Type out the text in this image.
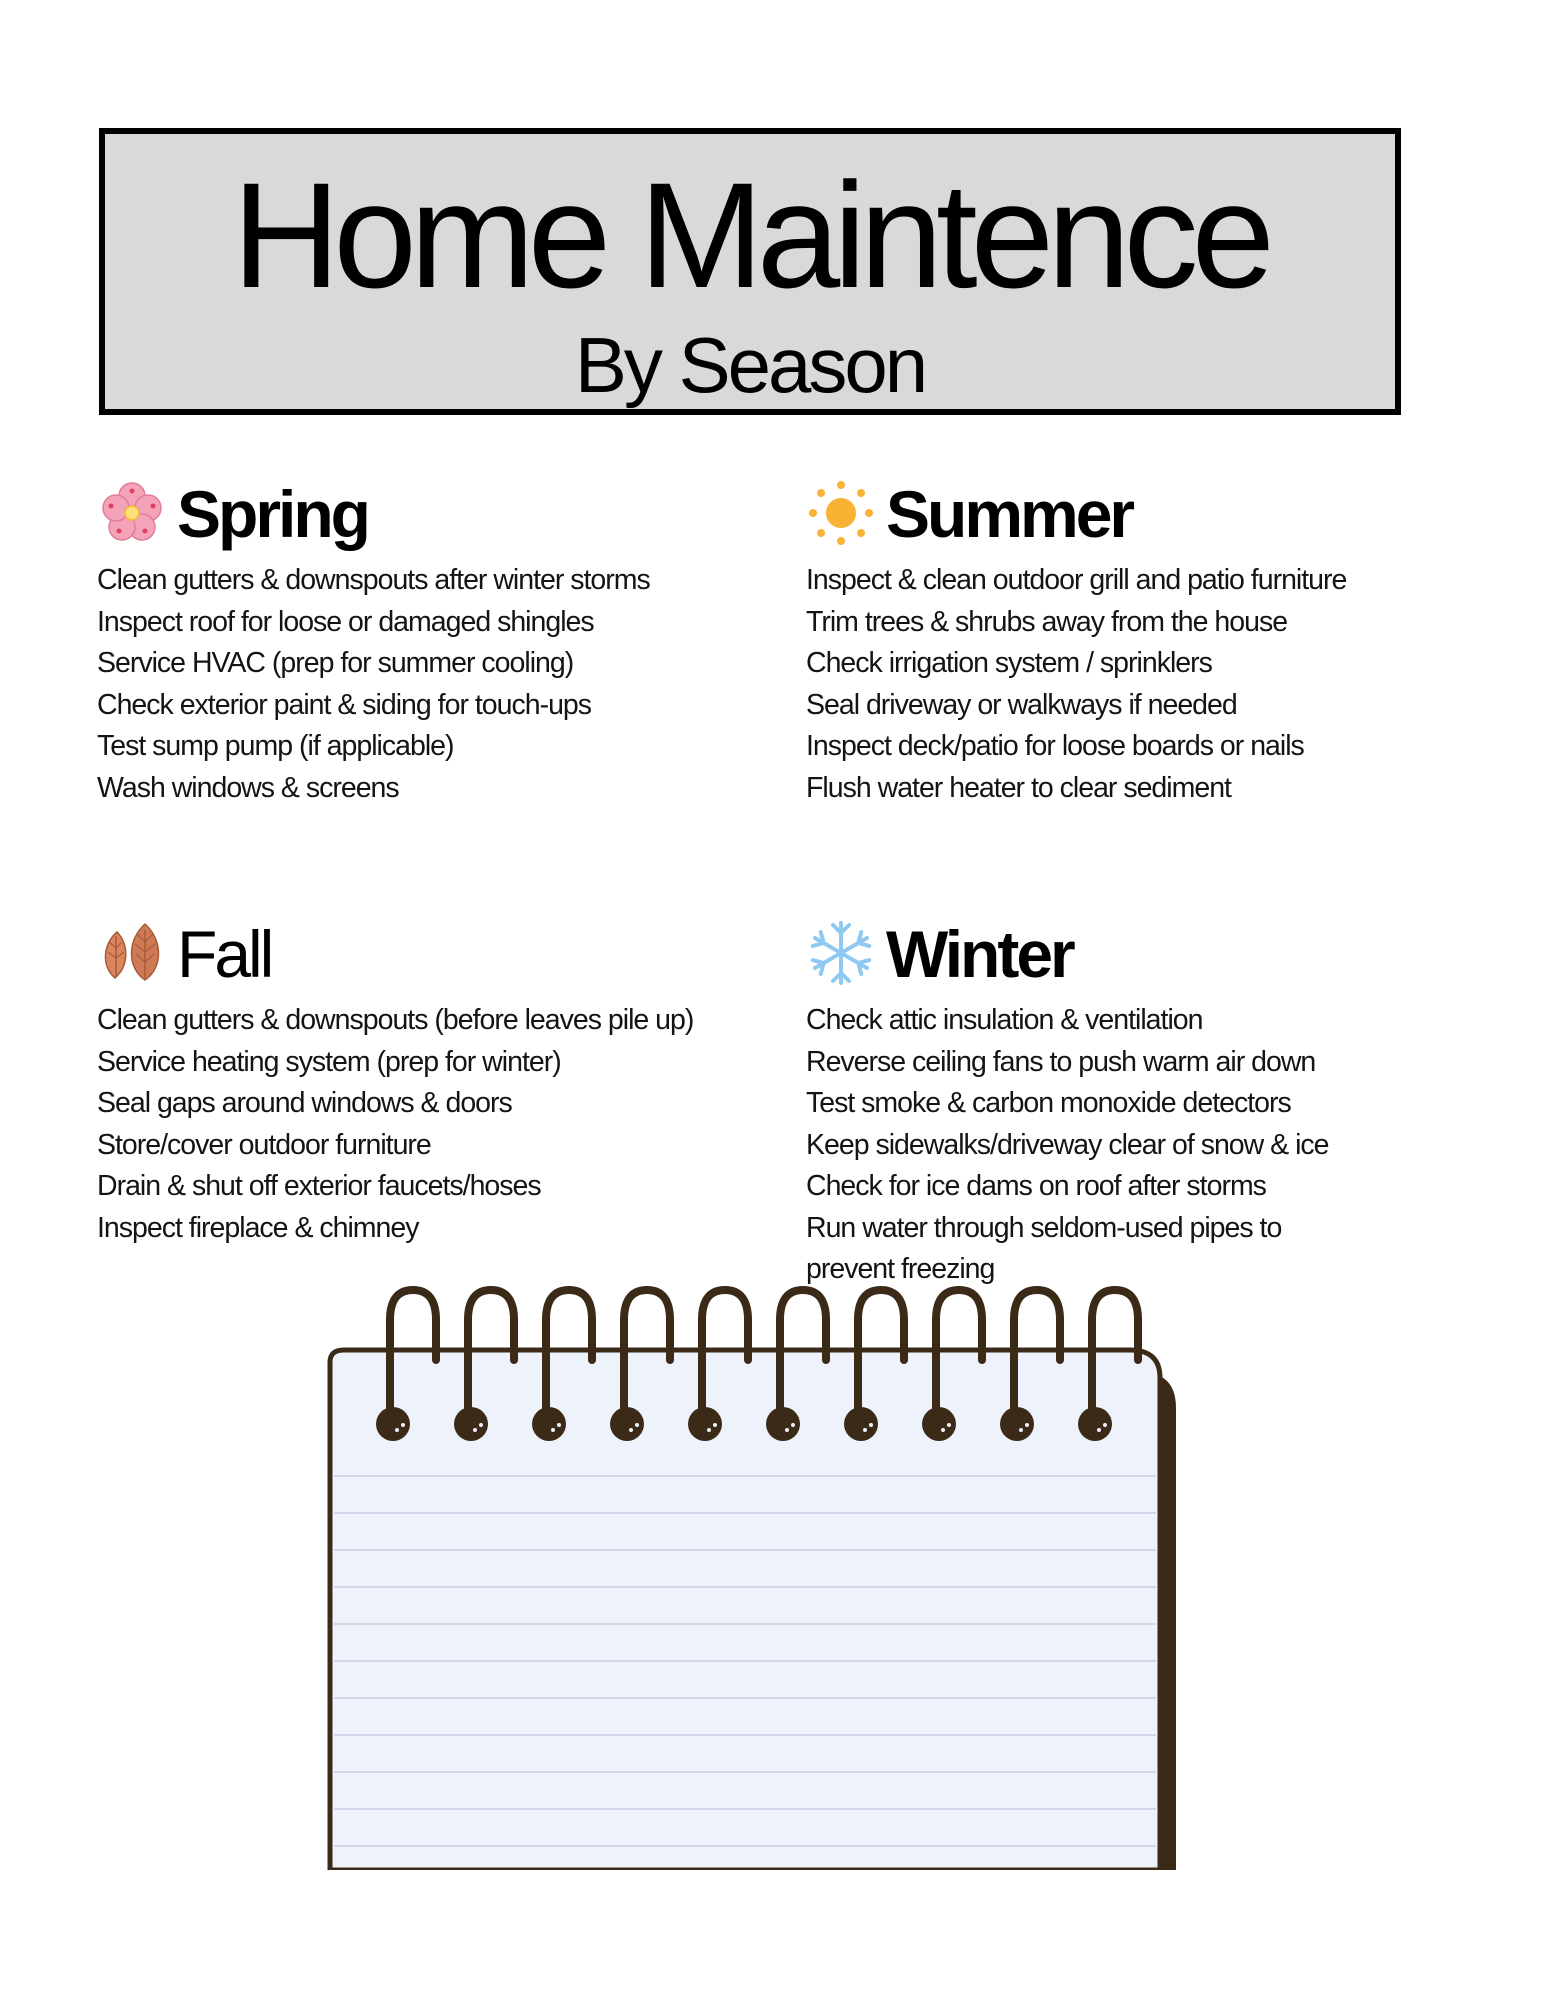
Home Maintence
By Season
Spring
Clean gutters & downspouts after winter storms
Inspect roof for loose or damaged shingles
Service HVAC (prep for summer cooling)
Check exterior paint & siding for touch-ups
Test sump pump (if applicable)
Wash windows & screens
Summer
Inspect & clean outdoor grill and patio furniture
Trim trees & shrubs away from the house
Check irrigation system / sprinklers
Seal driveway or walkways if needed
Inspect deck/patio for loose boards or nails
Flush water heater to clear sediment
Fall
Clean gutters & downspouts (before leaves pile up)
Service heating system (prep for winter)
Seal gaps around windows & doors
Store/cover outdoor furniture
Drain & shut off exterior faucets/hoses
Inspect fireplace & chimney
Winter
Check attic insulation & ventilation
Reverse ceiling fans to push warm air down
Test smoke & carbon monoxide detectors
Keep sidewalks/driveway clear of snow & ice
Check for ice dams on roof after storms
Run water through seldom-used pipes to
prevent freezing
